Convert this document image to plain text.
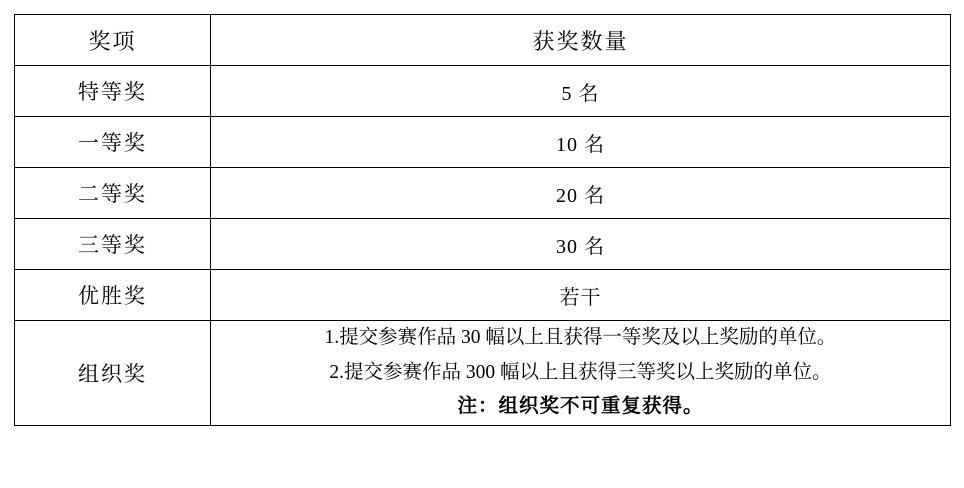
奖项	获奖数量
特等奖	5 名
一等奖	10 名
二等奖	20 名
三等奖	30 名
优胜奖	若干
组织奖	1.提交参赛作品 30 幅以上且获得一等奖及以上奖励的单位。
2.提交参赛作品 300 幅以上且获得三等奖以上奖励的单位。
注：组织奖不可重复获得。
